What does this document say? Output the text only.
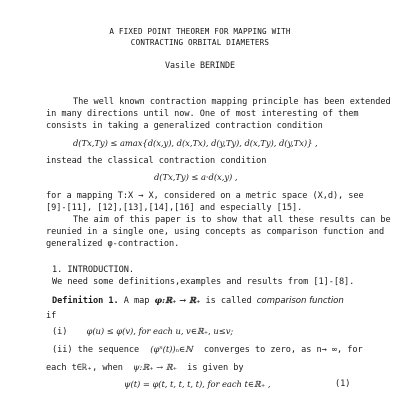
A FIXED POINT THEOREM FOR MAPPING WITH
CONTRACTING ORBITAL DIAMETERS
Vasile BERINDE
The well known contraction mapping principle has been extended
in many directions until now. One of most interesting of them
consists in taking a generalized contraction condition
d(Tx,Ty) ≤ amax{d(x,y), d(x,Tx), d(y,Ty), d(x,Ty), d(y,Tx)} ,
instead the classical contraction condition
d(Tx,Ty) ≤ a·d(x,y) ,
for a mapping T:X → X, considered on a metric space (X,d), see
[9]-[11], [12],[13],[14],[16] and especially [15].
The aim of this paper is to show that all these results can be
reunied in a single one, using concepts as comparison function and
generalized φ-contraction.
1. INTRODUCTION.
We need some definitions,examples and results from [1]-[8].
Definition 1. A map φ:ℝ₊ → ℝ₊ is called comparison function
if
(i) φ(u) ≤ φ(v), for each u, v∈ℝ₊, u≤v;
(ii) the sequence (φⁿ(t))ₙ∈ℕ converges to zero, as n→ ∞, for
each t∈ℝ₊, when ψ:ℝ₊ → ℝ₊ is given by
ψ(t) = φ(t, t, t, t, t), for each t∈ℝ₊ ,	(1)
